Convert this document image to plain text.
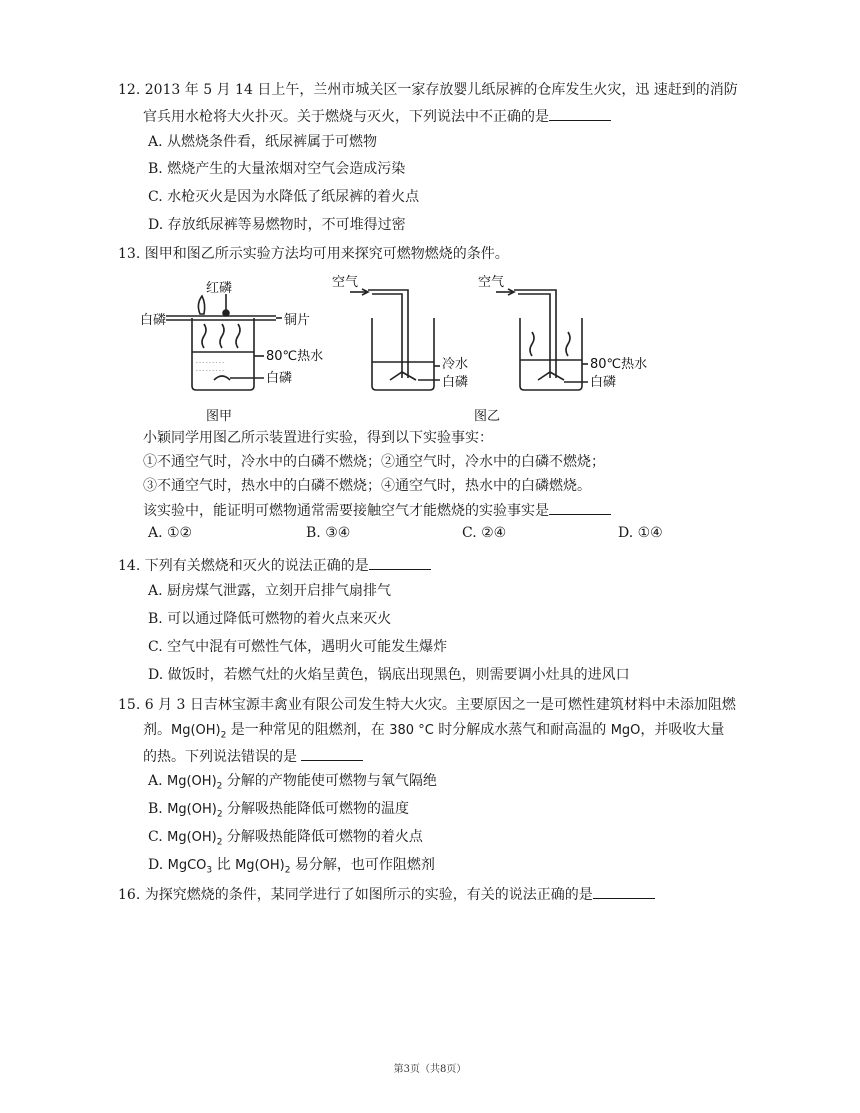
12. 2013 年 5 月 14 日上午，兰州市城关区一家存放婴儿纸尿裤的仓库发生火灾，迅 速赶到的消防
官兵用水枪将大火扑灭。关于燃烧与灭火，下列说法中不正确的是
A. 从燃烧条件看，纸尿裤属于可燃物
B. 燃烧产生的大量浓烟对空气会造成污染
C. 水枪灭火是因为水降低了纸尿裤的着火点
D. 存放纸尿裤等易燃物时，不可堆得过密
13. 图甲和图乙所示实验方法均可用来探究可燃物燃烧的条件。
- - - - - - - - -
- - - - - - - - -
白磷
红磷
铜片
80℃热水
白磷
空气
冷水
白磷
空气
80℃热水
白磷
图甲	图乙
小颖同学用图乙所示装置进行实验，得到以下实验事实：
①不通空气时，冷水中的白磷不燃烧；②通空气时，冷水中的白磷不燃烧；
③不通空气时，热水中的白磷不燃烧；④通空气时，热水中的白磷燃烧。
该实验中，能证明可燃物通常需要接触空气才能燃烧的实验事实是
A. ①②	B. ③④	C. ②④	D. ①④
14. 下列有关燃烧和灭火的说法正确的是
A. 厨房煤气泄露，立刻开启排气扇排气
B. 可以通过降低可燃物的着火点来灭火
C. 空气中混有可燃性气体，遇明火可能发生爆炸
D. 做饭时，若燃气灶的火焰呈黄色，锅底出现黑色，则需要调小灶具的进风口
15. 6 月 3 日吉林宝源丰禽业有限公司发生特大火灾。主要原因之一是可燃性建筑材料中未添加阻燃
剂。$Mg(OH)_2$ 是一种常见的阻燃剂，在 380 °C 时分解成水蒸气和耐高温的 MgO，并吸收大量
的热。下列说法错误的是
A. $Mg(OH)_2$ 分解的产物能使可燃物与氧气隔绝
B. $Mg(OH)_2$ 分解吸热能降低可燃物的温度
C. $Mg(OH)_2$ 分解吸热能降低可燃物的着火点
D. MgCO$_3$ 比 $Mg(OH)_2$ 易分解，也可作阻燃剂
16. 为探究燃烧的条件，某同学进行了如图所示的实验，有关的说法正确的是
第3页（共8页）
